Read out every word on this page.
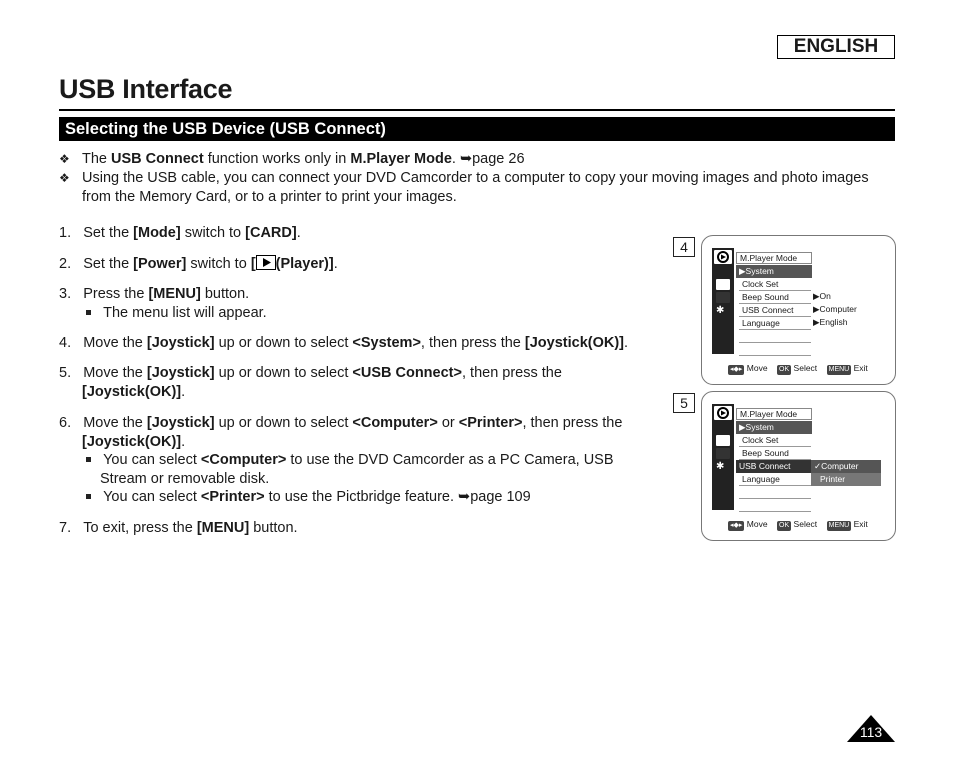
ENGLISH
USB Interface
Selecting the USB Device (USB Connect)
❖ The USB Connect function works only in M.Player Mode. ➥page 26
❖ Using the USB cable, you can connect your DVD Camcorder to a computer to copy your moving images and photo images
from the Memory Card, or to a printer to print your images.
1. Set the [Mode] switch to [CARD].
2. Set the [Power] switch to [ (Player)].
3. Press the [MENU] button.
The menu list will appear.
4. Move the [Joystick] up or down to select <System>, then press the [Joystick(OK)].
5. Move the [Joystick] up or down to select <USB Connect>, then press the
[Joystick(OK)].
6. Move the [Joystick] up or down to select <Computer> or <Printer>, then press the
[Joystick(OK)].
You can select <Computer> to use the DVD Camcorder as a PC Camera, USB
Stream or removable disk.
You can select <Printer> to use the Pictbridge feature. ➥page 109
7. To exit, press the [MENU] button.
4
✱
M.Player Mode
▶System
Clock Set
Beep Sound
USB Connect
Language
▶On
▶Computer
▶English
◂◆▸ Move OK Select MENU Exit
5
✱
M.Player Mode
▶System
Clock Set
Beep Sound
USB Connect
Language
✓Computer
Printer
◂◆▸ Move OK Select MENU Exit
113
